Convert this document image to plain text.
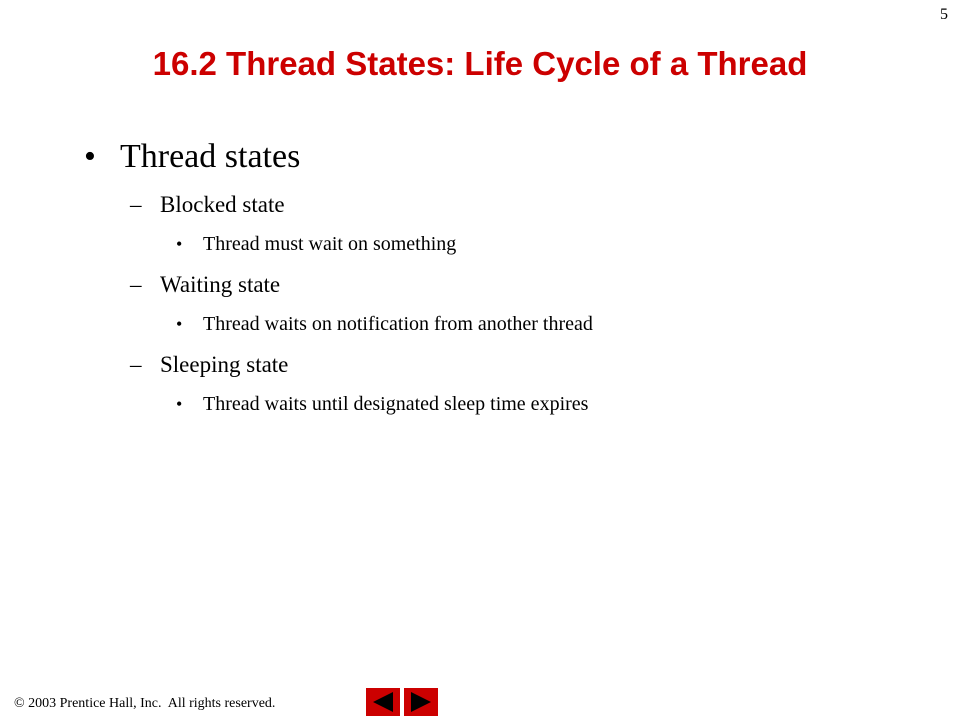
5
16.2 Thread States: Life Cycle of a Thread
• Thread states
– Blocked state
•	Thread must wait on something
– Waiting state
•	Thread waits on notification from another thread
– Sleeping state
•	Thread waits until designated sleep time expires
© 2003 Prentice Hall, Inc.  All rights reserved.
